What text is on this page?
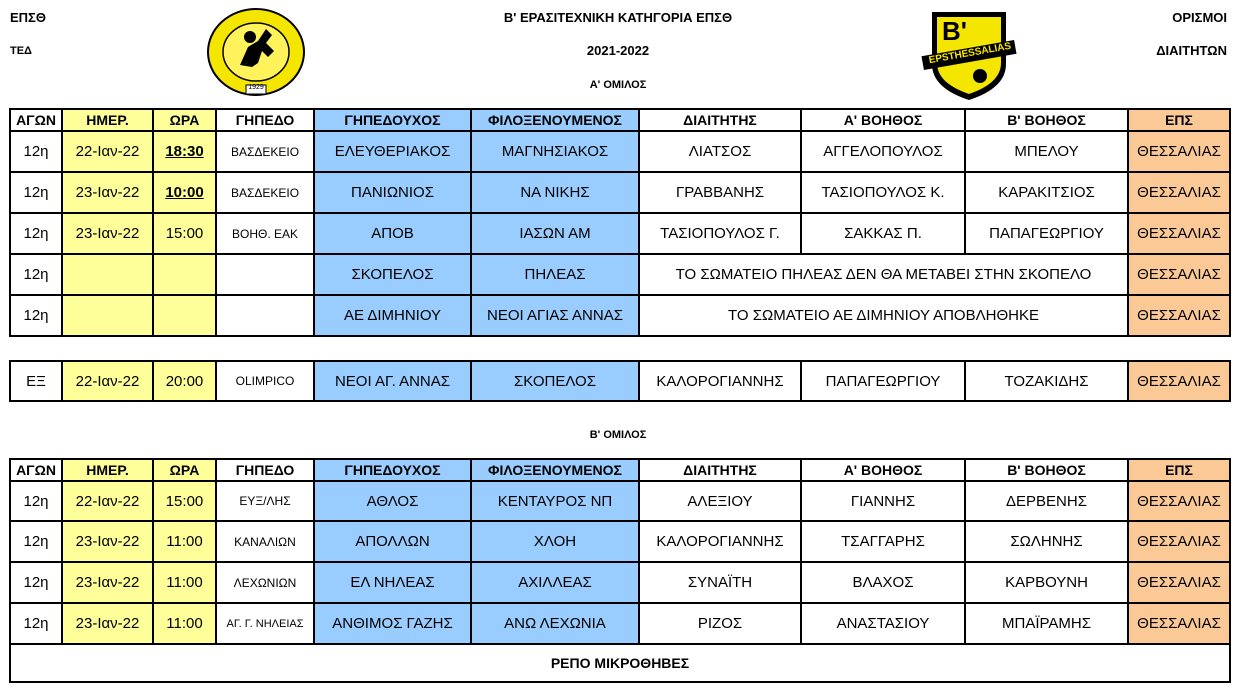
ΕΠΣΘ
ΤΕΔ
1929
Β' ΕΡΑΣΙΤΕΧΝΙΚΗ ΚΑΤΗΓΟΡΙΑ ΕΠΣΘ
2021-2022
Α' ΟΜΙΛΟΣ
B'
EPSTHESSALIAS
ΟΡΙΣΜΟΙ
ΔΙΑΙΤΗΤΩΝ
ΑΓΩΝ	ΗΜΕΡ.	ΩΡΑ	ΓΗΠΕΔΟ	ΓΗΠΕΔΟΥΧΟΣ	ΦΙΛΟΞΕΝΟΥΜΕΝΟΣ	ΔΙΑΙΤΗΤΗΣ	Α' ΒΟΗΘΟΣ	Β' ΒΟΗΘΟΣ	ΕΠΣ
12η	22-Ιαν-22	18:30	ΒΑΣΔΕΚΕΙΟ	ΕΛΕΥΘΕΡΙΑΚΟΣ	ΜΑΓΝΗΣΙΑΚΟΣ	ΛΙΑΤΣΟΣ	ΑΓΓΕΛΟΠΟΥΛΟΣ	ΜΠΕΛΟΥ	ΘΕΣΣΑΛΙΑΣ
12η	23-Ιαν-22	10:00	ΒΑΣΔΕΚΕΙΟ	ΠΑΝΙΩΝΙΟΣ	ΝΑ ΝΙΚΗΣ	ΓΡΑΒΒΑΝΗΣ	ΤΑΣΙΟΠΟΥΛΟΣ Κ.	ΚΑΡΑΚΙΤΣΙΟΣ	ΘΕΣΣΑΛΙΑΣ
12η	23-Ιαν-22	15:00	ΒΟΗΘ. ΕΑΚ	ΑΠΟΒ	ΙΑΣΩΝ ΑΜ	ΤΑΣΙΟΠΟΥΛΟΣ Γ.	ΣΑΚΚΑΣ Π.	ΠΑΠΑΓΕΩΡΓΙΟΥ	ΘΕΣΣΑΛΙΑΣ
12η				ΣΚΟΠΕΛΟΣ	ΠΗΛΕΑΣ	ΤΟ ΣΩΜΑΤΕΙΟ ΠΗΛΕΑΣ ΔΕΝ ΘΑ ΜΕΤΑΒΕΙ ΣΤΗΝ ΣΚΟΠΕΛΟ			ΘΕΣΣΑΛΙΑΣ
12η				ΑΕ ΔΙΜΗΝΙΟΥ	ΝΕΟΙ ΑΓΙΑΣ ΑΝΝΑΣ	ΤΟ ΣΩΜΑΤΕΙΟ ΑΕ ΔΙΜΗΝΙΟΥ ΑΠΟΒΛΗΘΗΚΕ			ΘΕΣΣΑΛΙΑΣ
ΕΞ	22-Ιαν-22	20:00	OLIMPICO	ΝΕΟΙ ΑΓ. ΑΝΝΑΣ	ΣΚΟΠΕΛΟΣ	ΚΑΛΟΡΟΓΙΑΝΝΗΣ	ΠΑΠΑΓΕΩΡΓΙΟΥ	ΤΟΖΑΚΙΔΗΣ	ΘΕΣΣΑΛΙΑΣ
Β' ΟΜΙΛΟΣ
ΑΓΩΝ	ΗΜΕΡ.	ΩΡΑ	ΓΗΠΕΔΟ	ΓΗΠΕΔΟΥΧΟΣ	ΦΙΛΟΞΕΝΟΥΜΕΝΟΣ	ΔΙΑΙΤΗΤΗΣ	Α' ΒΟΗΘΟΣ	Β' ΒΟΗΘΟΣ	ΕΠΣ
12η	22-Ιαν-22	15:00	ΕΥΞ/ΛΗΣ	ΑΘΛΟΣ	ΚΕΝΤΑΥΡΟΣ ΝΠ	ΑΛΕΞΙΟΥ	ΓΙΑΝΝΗΣ	ΔΕΡΒΕΝΗΣ	ΘΕΣΣΑΛΙΑΣ
12η	23-Ιαν-22	11:00	ΚΑΝΑΛΙΩΝ	ΑΠΟΛΛΩΝ	ΧΛΟΗ	ΚΑΛΟΡΟΓΙΑΝΝΗΣ	ΤΣΑΓΓΑΡΗΣ	ΣΩΛΗΝΗΣ	ΘΕΣΣΑΛΙΑΣ
12η	23-Ιαν-22	11:00	ΛΕΧΩΝΙΩΝ	ΕΛ ΝΗΛΕΑΣ	ΑΧΙΛΛΕΑΣ	ΣΥΝΑΪΤΗ	ΒΛΑΧΟΣ	ΚΑΡΒΟΥΝΗ	ΘΕΣΣΑΛΙΑΣ
12η	23-Ιαν-22	11:00	ΑΓ. Γ. ΝΗΛΕΙΑΣ	ΑΝΘΙΜΟΣ ΓΑΖΗΣ	ΑΝΩ ΛΕΧΩΝΙΑ	ΡΙΖΟΣ	ΑΝΑΣΤΑΣΙΟΥ	ΜΠΑΪΡΑΜΗΣ	ΘΕΣΣΑΛΙΑΣ
ΡΕΠΟ ΜΙΚΡΟΘΗΒΕΣ									
